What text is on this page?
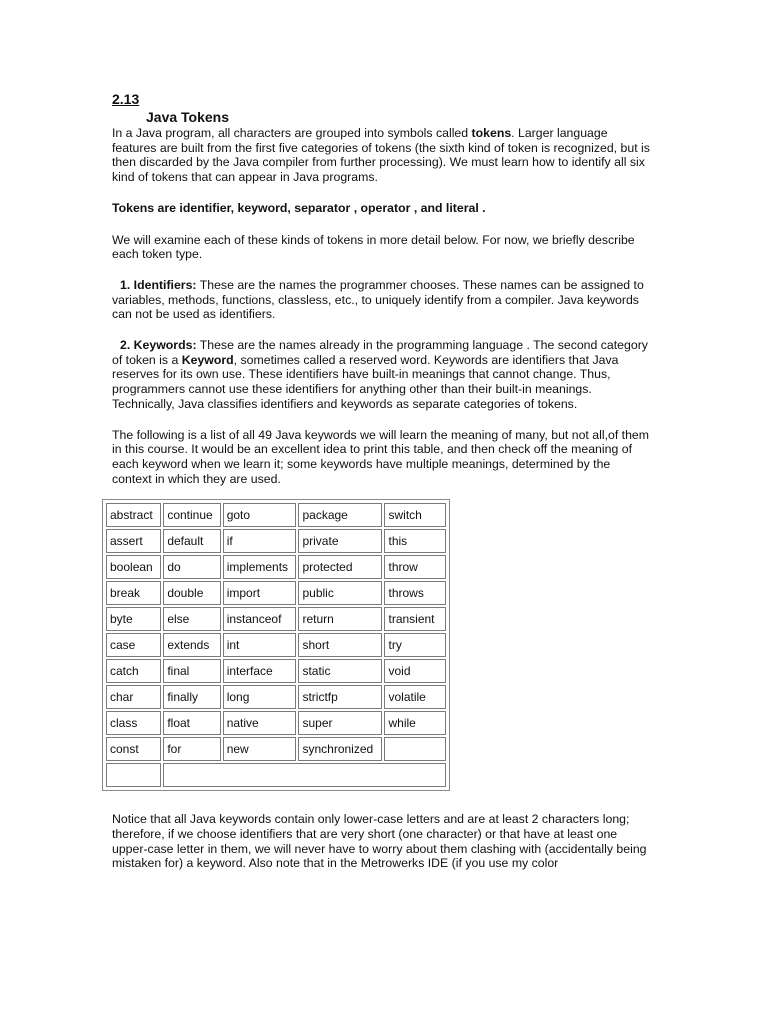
2.13
Java Tokens

In a Java program, all characters are grouped into symbols called tokens. Larger language features are built from the first five categories of tokens (the sixth kind of token is recognized, but is then discarded by the Java compiler from further processing). We must learn how to identify all six kind of tokens that can appear in Java programs.

Tokens are identifier, keyword, separator , operator , and literal .

We will examine each of these kinds of tokens in more detail below. For now, we briefly describe each token type.

1. Identifiers: These are the names the programmer chooses. These names can be assigned to variables, methods, functions, classless, etc., to uniquely identify from a compiler. Java keywords can not be used as identifiers.

2. Keywords: These are the names already in the programming language . The second category of token is a Keyword, sometimes called a reserved word. Keywords are identifiers that Java reserves for its own use. These identifiers have built-in meanings that cannot change. Thus, programmers cannot use these identifiers for anything other than their built-in meanings. Technically, Java classifies identifiers and keywords as separate categories of tokens.

The following is a list of all 49 Java keywords we will learn the meaning of many, but not all,of them in this course. It would be an excellent idea to print this table, and then check off the meaning of each keyword when we learn it; some keywords have multiple meanings, determined by the context in which they are used.

abstract	continue	goto	package	switch
assert	default	if	private	this
boolean	do	implements	protected	throw
break	double	import	public	throws
byte	else	instanceof	return	transient
case	extends	int	short	try
catch	final	interface	static	void
char	finally	long	strictfp	volatile
class	float	native	super	while
const	for	new	synchronized	

Notice that all Java keywords contain only lower-case letters and are at least 2 characters long; therefore, if we choose identifiers that are very short (one character) or that have at least one upper-case letter in them, we will never have to worry about them clashing with (accidentally being mistaken for) a keyword. Also note that in the Metrowerks IDE (if you use my color
